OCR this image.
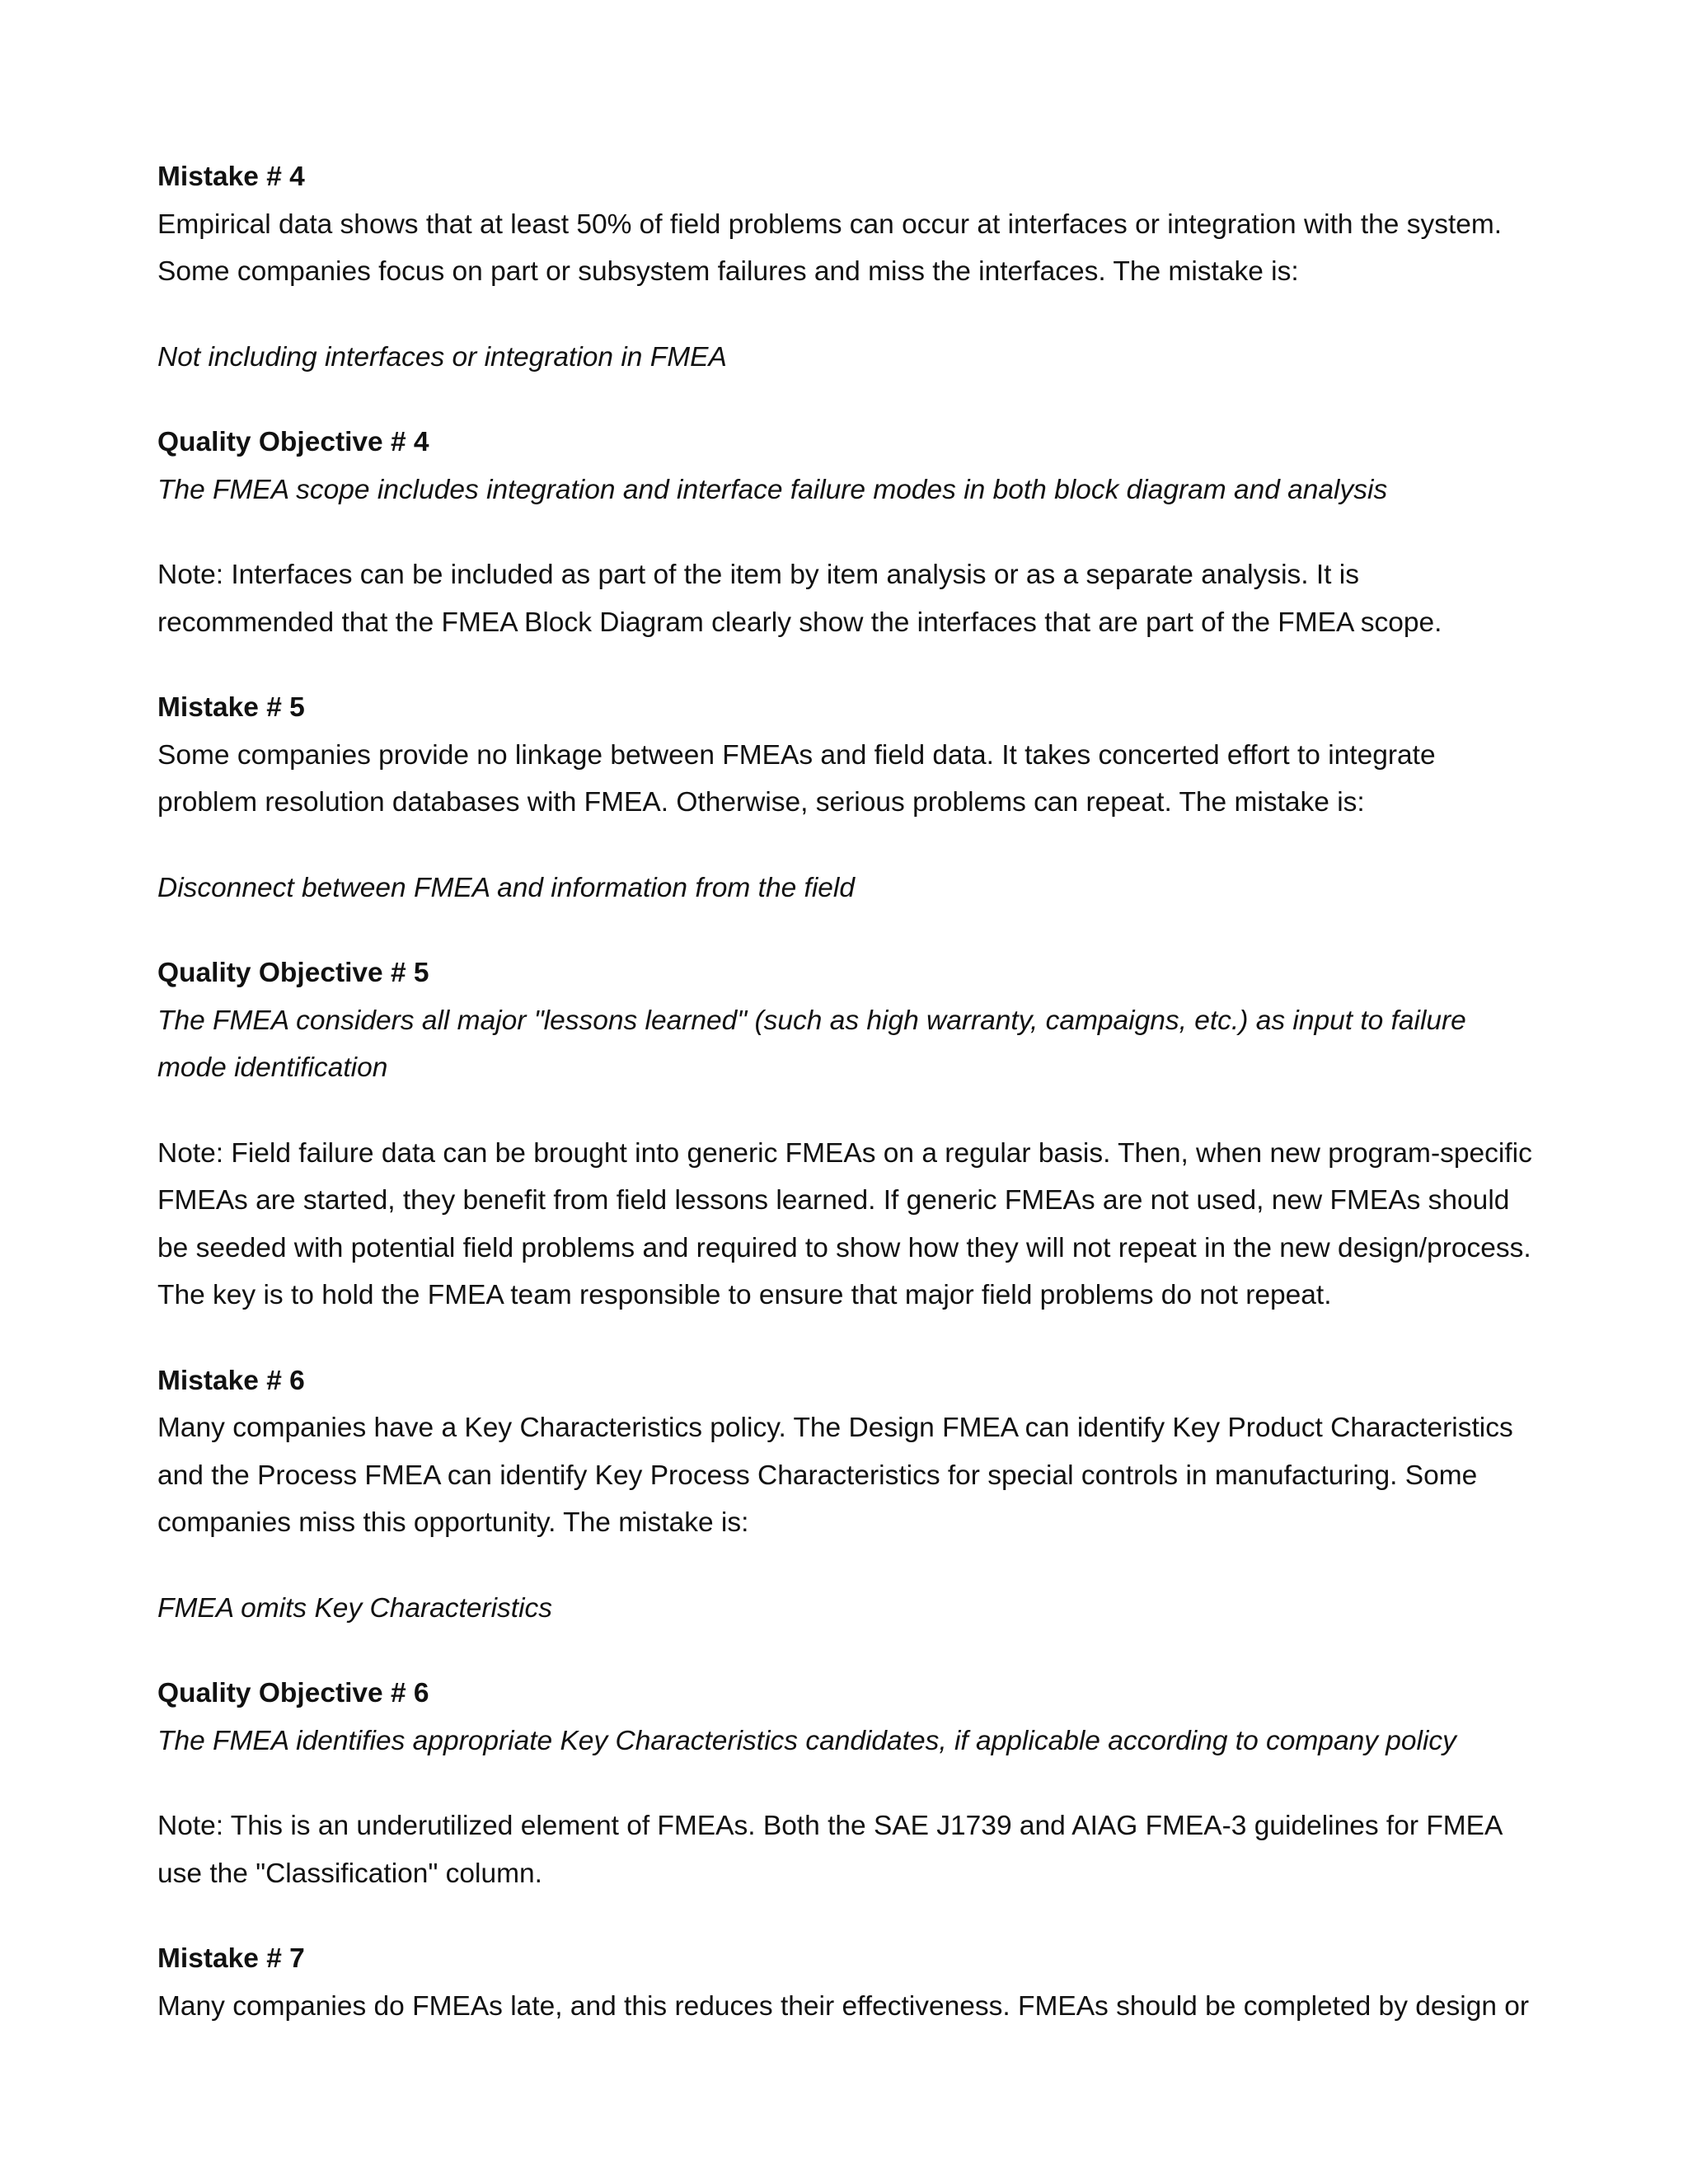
Mistake # 4

Empirical data shows that at least 50% of field problems can occur at interfaces or integration with the system. Some companies focus on part or subsystem failures and miss the interfaces. The mistake is:

Not including interfaces or integration in FMEA

Quality Objective # 4

The FMEA scope includes integration and interface failure modes in both block diagram and analysis

Note: Interfaces can be included as part of the item by item analysis or as a separate analysis. It is recommended that the FMEA Block Diagram clearly show the interfaces that are part of the FMEA scope.

Mistake # 5

Some companies provide no linkage between FMEAs and field data. It takes concerted effort to integrate problem resolution databases with FMEA. Otherwise, serious problems can repeat. The mistake is:

Disconnect between FMEA and information from the field

Quality Objective # 5

The FMEA considers all major "lessons learned" (such as high warranty, campaigns, etc.) as input to failure mode identification

Note: Field failure data can be brought into generic FMEAs on a regular basis. Then, when new program-specific FMEAs are started, they benefit from field lessons learned. If generic FMEAs are not used, new FMEAs should be seeded with potential field problems and required to show how they will not repeat in the new design/process. The key is to hold the FMEA team responsible to ensure that major field problems do not repeat.

Mistake # 6

Many companies have a Key Characteristics policy. The Design FMEA can identify Key Product Characteristics and the Process FMEA can identify Key Process Characteristics for special controls in manufacturing. Some companies miss this opportunity. The mistake is:

FMEA omits Key Characteristics

Quality Objective # 6

The FMEA identifies appropriate Key Characteristics candidates, if applicable according to company policy

Note: This is an underutilized element of FMEAs. Both the SAE J1739 and AIAG FMEA-3 guidelines for FMEA use the "Classification" column.

Mistake # 7

Many companies do FMEAs late, and this reduces their effectiveness. FMEAs should be completed by design or
